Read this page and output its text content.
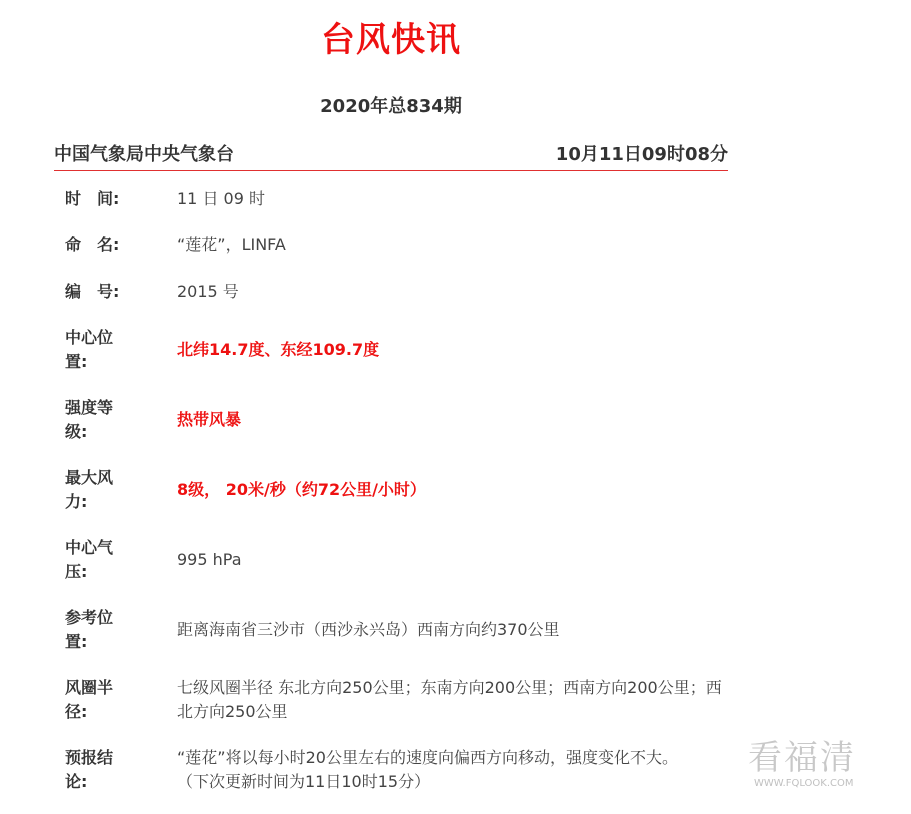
台风快讯
2020年总834期
中国气象局中央气象台	10月11日09时08分
时　间:	11 日 09 时
命　名:	“莲花”，LINFA
编　号:	2015 号
中心位置:
北纬14.7度、东经109.7度
强度等级:
热带风暴
最大风力:
8级， 20米/秒（约72公里/小时）
中心气压:
995 hPa
参考位置:
距离海南省三沙市（西沙永兴岛）西南方向约370公里
风圈半径:
七级风圈半径 东北方向250公里；东南方向200公里；西南方向200公里；西北方向250公里
预报结论:
“莲花”将以每小时20公里左右的速度向偏西方向移动，强度变化不大。
（下次更新时间为11日10时15分）
看福清
WWW.FQLOOK.COM
